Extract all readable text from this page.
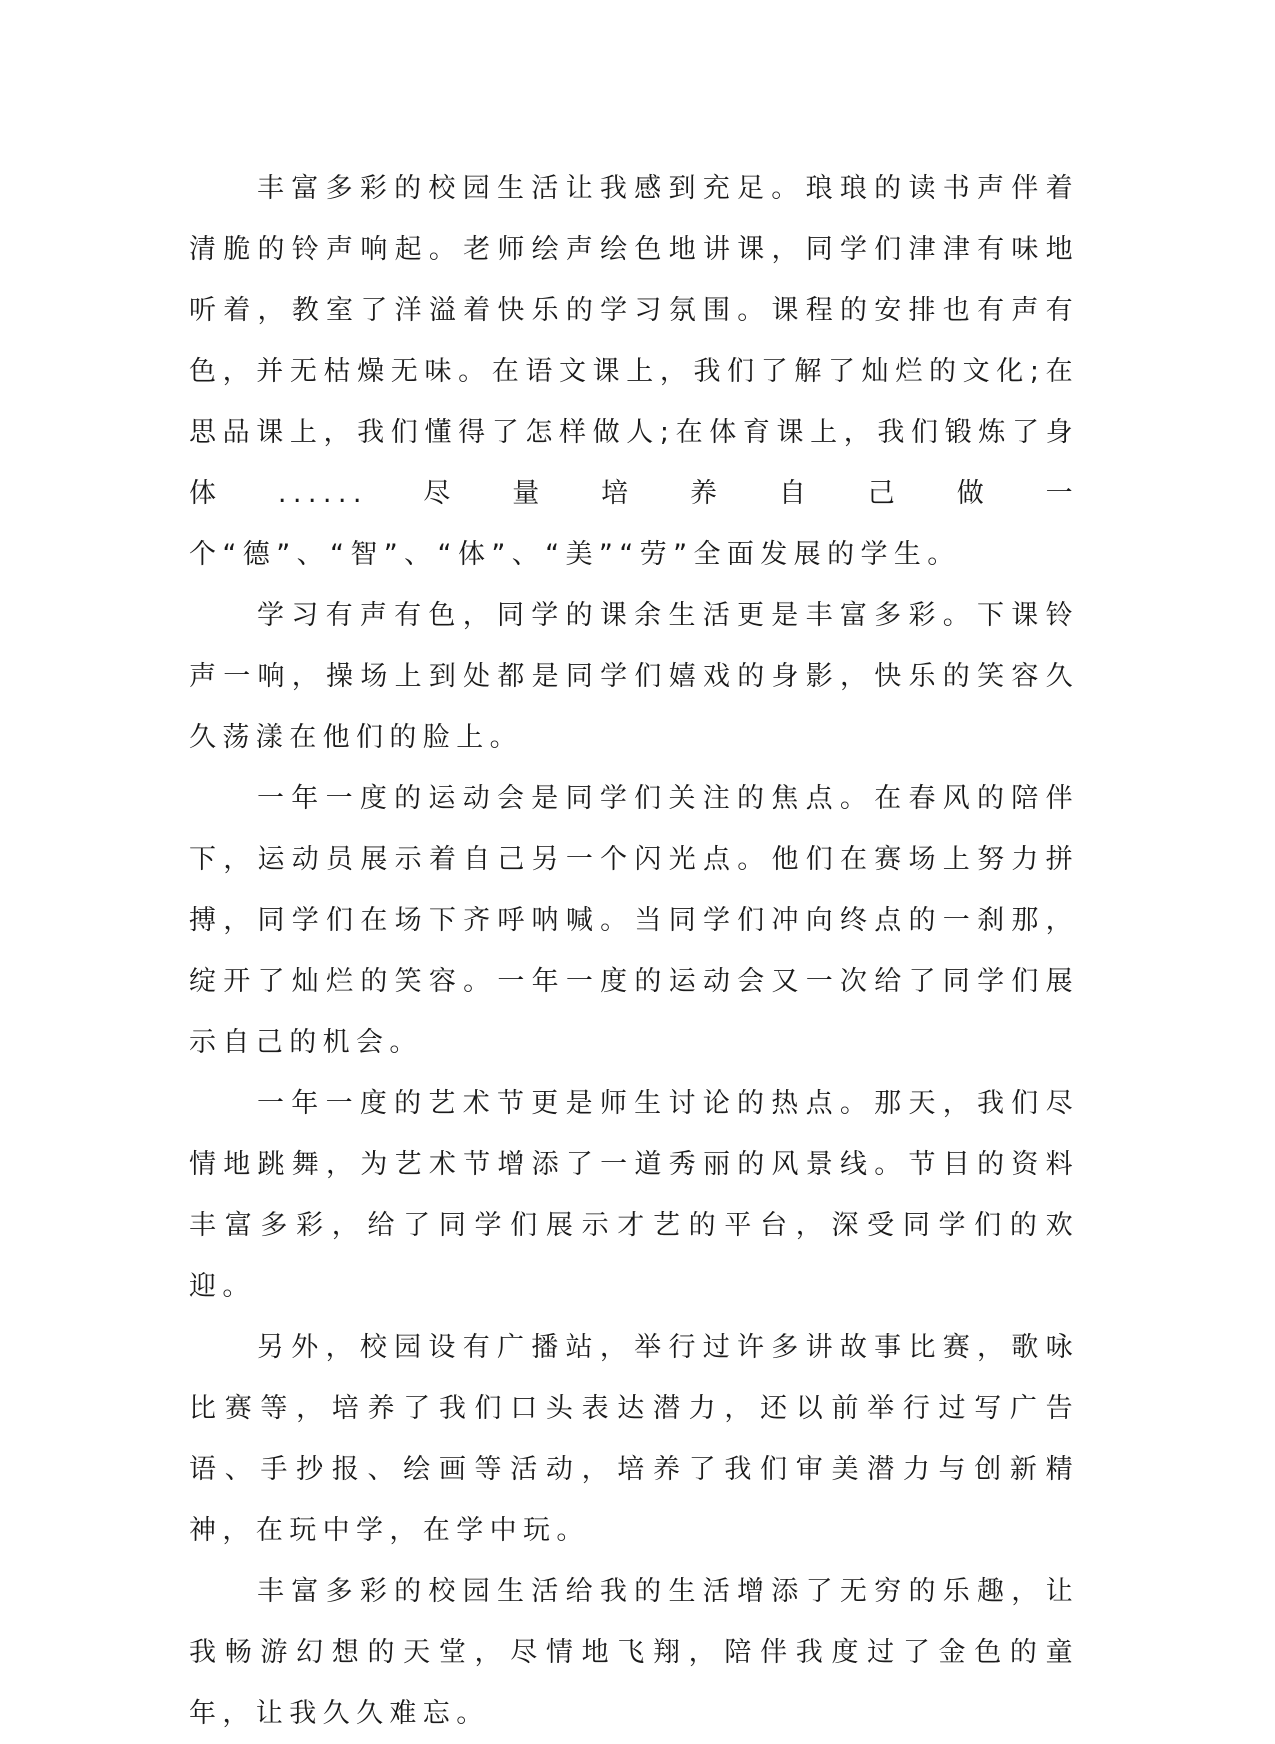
丰富多彩的校园生活让我感到充足。琅琅的读书声伴着清脆的铃声响起。老师绘声绘色地讲课，同学们津津有味地听着，教室了洋溢着快乐的学习氛围。课程的安排也有声有色，并无枯燥无味。在语文课上，我们了解了灿烂的文化;在思品课上，我们懂得了怎样做人;在体育课上，我们锻炼了身体......尽量培养自己做一个“德”、“智”、“体”、“美”“劳”全面发展的学生。

学习有声有色，同学的课余生活更是丰富多彩。下课铃声一响，操场上到处都是同学们嬉戏的身影，快乐的笑容久久荡漾在他们的脸上。

一年一度的运动会是同学们关注的焦点。在春风的陪伴下，运动员展示着自己另一个闪光点。他们在赛场上努力拼搏，同学们在场下齐呼呐喊。当同学们冲向终点的一刹那，绽开了灿烂的笑容。一年一度的运动会又一次给了同学们展示自己的机会。

一年一度的艺术节更是师生讨论的热点。那天，我们尽情地跳舞，为艺术节增添了一道秀丽的风景线。节目的资料丰富多彩，给了同学们展示才艺的平台，深受同学们的欢迎。

另外，校园设有广播站，举行过许多讲故事比赛，歌咏比赛等，培养了我们口头表达潜力，还以前举行过写广告语、手抄报、绘画等活动，培养了我们审美潜力与创新精神，在玩中学，在学中玩。

丰富多彩的校园生活给我的生活增添了无穷的乐趣，让我畅游幻想的天堂，尽情地飞翔，陪伴我度过了金色的童年，让我久久难忘。
